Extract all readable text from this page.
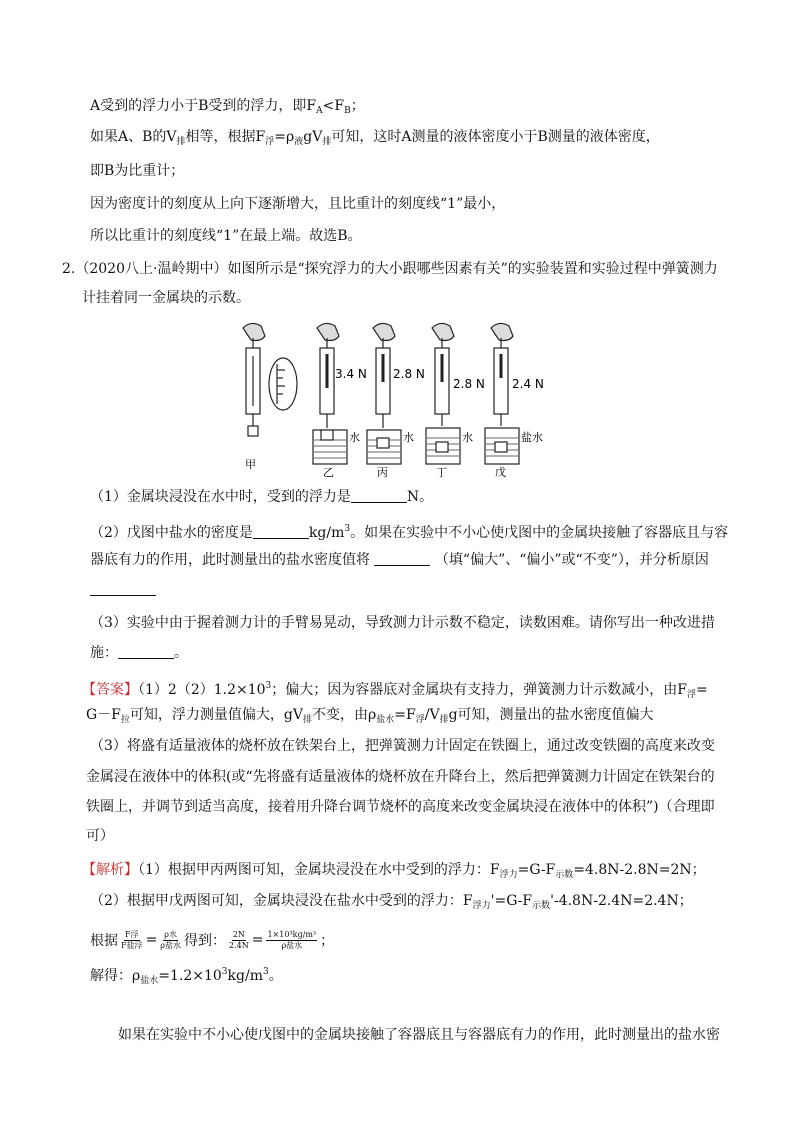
A受到的浮力小于B受到的浮力，即$F_A<F_B$；
如果A、B的$V_排$相等，根据$F_浮=\rho_液gV_排$可知，这时A测量的液体密度小于B测量的液体密度，
即B为比重计；
因为密度计的刻度从上向下逐渐增大，且比重计的刻度线“1”最小，
所以比重计的刻度线“1”在最上端。故选B。
2.（2020八上·温岭期中）如图所示是“探究浮力的大小跟哪些因素有关”的实验装置和实验过程中弹簧测力
计挂着同一金属块的示数。
3.4 N 2.8 N
2.8 N 2.4 N
水	水	水	盐水
甲
乙	丙	丁	戊
（1）金属块浸没在水中时，受到的浮力是	N。
（2）戊图中盐水的密度是	$kg/m^3$。如果在实验中不小心使戊图中的金属块接触了容器底且与容
器底有力的作用，此时测量出的盐水密度值将	（填“偏大”、“偏小”或“不变”），并分析原因
（3）实验中由于握着测力计的手臂易晃动，导致测力计示数不稳定，读数困难。请你写出一种改进措
施：	。
【答案】$(1)2(2)1.2\times 10^3$；偏大；因为容器底对金属块有支持力，弹簧测力计示数减小，由$F_浮=$
$G-F_拉$可知，浮力测量值偏大，$gV_排$不变，由$\rho_{盐水}=F_浮/V_排g$可知，测量出的盐水密度值偏大
（3）将盛有适量液体的烧杯放在铁架台上，把弹簧测力计固定在铁圈上，通过改变铁圈的高度来改变
金属浸在液体中的体积(或“先将盛有适量液体的烧杯放在升降台上，然后把弹簧测力计固定在铁架台的
铁圈上，并调节到适当高度，接着用升降台调节烧杯的高度来改变金属块浸在液体中的体积”)（合理即
可）
【解析】（1）根据甲丙两图可知，金属块浸没在水中受到的浮力：$F_{浮力}=G-F_{示数}=4.8N-2.8N=2N$；
（2）根据甲戊两图可知，金属块浸没在盐水中受到的浮力：$F_{浮力}'=G-F_{示数}'-4.8N-2.4N=2.4N$；
根据 F浮
F盐浮 = ρ水
ρ盐水 得到： $\frac{2N}{2.4N} = 1\times 10^3kg/m^3$
ρ盐水 ；
解得：$\rho_{盐水}=1.2\times 10^3kg/m^3$。
如果在实验中不小心使戊图中的金属块接触了容器底且与容器底有力的作用，此时测量出的盐水密
